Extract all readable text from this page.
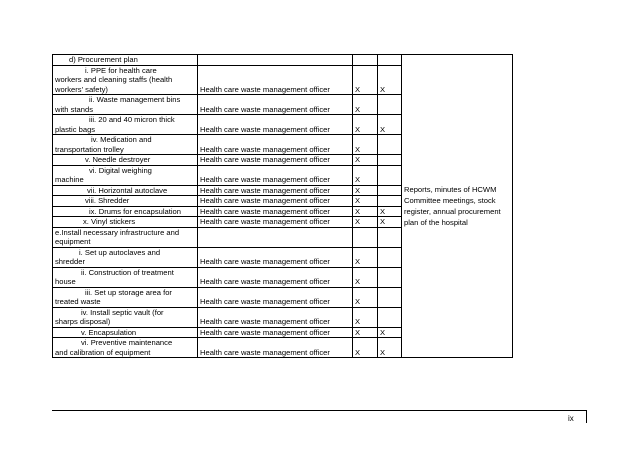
d) Procurement plan				Reports, minutes of HCWM Committee meetings, stock register, annual procurement plan of the hospital

i. PPE for health care
workers and cleaning staffs (health workers' safety)	Health care waste management officer	X	X	

ii. Waste management bins
with stands	Health care waste management officer	X		

iii. 20 and 40 micron thick
plastic bags	Health care waste management officer	X	X	

iv. Medication and
transportation trolley	Health care waste management officer	X		

v. Needle destroyer	Health care waste management officer	X		

vi. Digital weighing
machine	Health care waste management officer	X		

vii. Horizontal autoclave	Health care waste management officer	X		

viii. Shredder	Health care waste management officer	X		

ix. Drums for encapsulation	Health care waste management officer	X	X	

x. Vinyl stickers	Health care waste management officer	X	X	
e.Install necessary infrastructure and equipment				

i. Set up autoclaves and
shredder	Health care waste management officer	X		

ii. Construction of treatment
house	Health care waste management officer	X		

iii. Set up storage area for
treated waste	Health care waste management officer	X		

iv. Install septic vault (for
sharps disposal)	Health care waste management officer	X		

v. Encapsulation	Health care waste management officer	X	X	

vi. Preventive maintenance
and calibration of equipment	Health care waste management officer	X	X	
ix
